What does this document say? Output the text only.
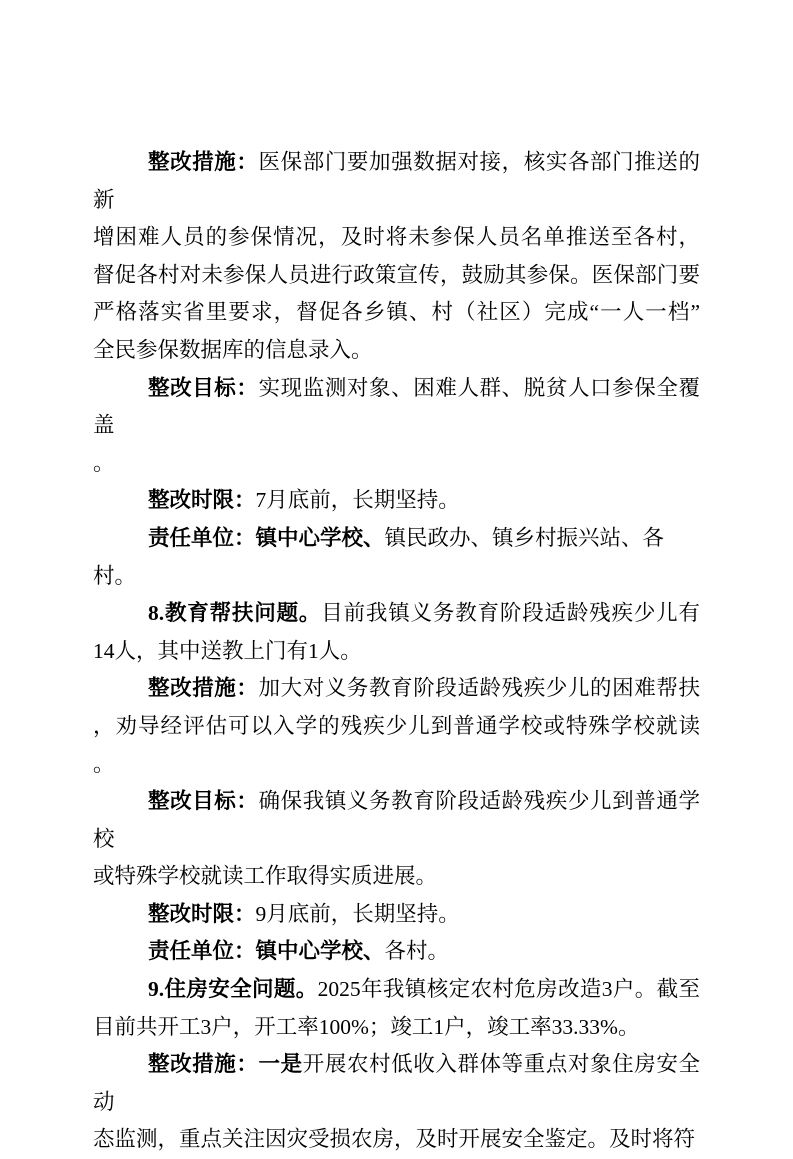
整改措施：医保部门要加强数据对接，核实各部门推送的新
增困难人员的参保情况，及时将未参保人员名单推送至各村，
督促各村对未参保人员进行政策宣传，鼓励其参保。医保部门要
严格落实省里要求，督促各乡镇、村（社区）完成“一人一档”
全民参保数据库的信息录入。
整改目标：实现监测对象、困难人群、脱贫人口参保全覆盖
。
整改时限：7月底前，长期坚持。
责任单位：镇中心学校、镇民政办、镇乡村振兴站、各村。
8.教育帮扶问题。目前我镇义务教育阶段适龄残疾少儿有
14人，其中送教上门有1人。
整改措施：加大对义务教育阶段适龄残疾少儿的困难帮扶
，劝导经评估可以入学的残疾少儿到普通学校或特殊学校就读
。
整改目标：确保我镇义务教育阶段适龄残疾少儿到普通学校
或特殊学校就读工作取得实质进展。
整改时限：9月底前，长期坚持。
责任单位：镇中心学校、各村。
9.住房安全问题。2025年我镇核定农村危房改造3户。截至
目前共开工3户，开工率100%；竣工1户，竣工率33.33%。
整改措施：一是开展农村低收入群体等重点对象住房安全动
态监测，重点关注因灾受损农房，及时开展安全鉴定。及时将符
